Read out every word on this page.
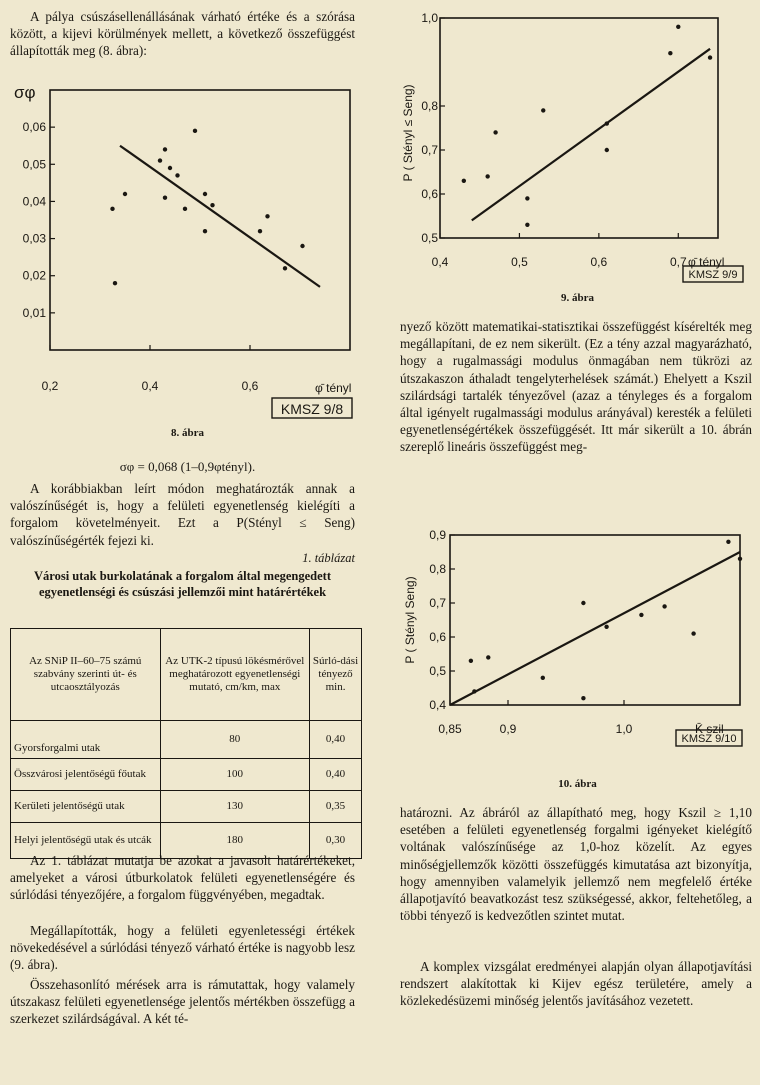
A pálya csúszásellenállásának várható értéke és a szórása között, a kijevi körülmények mellett, a következő összefüggést állapították meg (8. ábra):

0,2	0,4	0,6
0,01
0,02
0,03
0,04
0,05
0,06
σφ
φ̄ tényl
KMSZ 9/8

8. ábra

σφ = 0,068 (1–0,9φtényl).

A korábbiakban leírt módon meghatározták annak a valószínűségét is, hogy a felületi egyenetlenség kielégíti a forgalom követelményeit. Ezt a P(Stényl ≤ Seng) valószínűségérték fejezi ki.

1. táblázat

Városi utak burkolatának a forgalom által megengedett egyenetlenségi és csúszási jellemzői mint határértékek

Az SNiP II–60–75 számú szabvány szerinti út- és utcaosztályozás	Az UTK-2 típusú lökésmérővel meghatározott egyenetlenségi mutató, cm/km, max	Súrló-dási tényező min.
Gyorsforgalmi utak	80	0,40
Összvárosi jelentőségű főutak	100	0,40
Kerületi jelentőségű utak	130	0,35
Helyi jelentőségű utak és utcák	180	0,30

Az 1. táblázat mutatja be azokat a javasolt határértékeket, amelyeket a városi útburkolatok felületi egyenetlenségére és súrlódási tényezőjére, a forgalom függvényében, megadtak.

Megállapították, hogy a felületi egyenletességi értékek növekedésével a súrlódási tényező várható értéke is nagyobb lesz (9. ábra).

Összehasonlító mérések arra is rámutattak, hogy valamely útszakasz felületi egyenetlensége jelentős mértékben összefügg a szerkezet szilárdságával. A két té-

0,4	0,5	0,6	0,7
0,5
0,6
0,7
0,8
1,0
P ( Stényl ≤ Seng)
φ̄ tényl
KMSZ 9/9

9. ábra

nyező között matematikai-statisztikai összefüggést kísérelték meg megállapítani, de ez nem sikerült. (Ez a tény azzal magyarázható, hogy a rugalmassági modulus önmagában nem tükrözi az útszakaszon áthaladt tengelyterhelések számát.) Ehelyett a Kszil szilárdsági tartalék tényezővel (azaz a tényleges és a forgalom által igényelt rugalmassági modulus arányával) keresték a felületi egyenetlenségértékek összefüggését. Itt már sikerült a 10. ábrán szereplő lineáris összefüggést meg-

0,85	0,9	1,0
0,4
0,5
0,6
0,7
0,8
0,9
P ( Stényl Seng)
K̄ szil
KMSZ 9/10

10. ábra

határozni. Az ábráról az állapítható meg, hogy Kszil ≥ 1,10 esetében a felületi egyenetlenség forgalmi igényeket kielégítő voltának valószínűsége az 1,0-hoz közelít. Az egyes minőségjellemzők közötti összefüggés kimutatása azt bizonyítja, hogy amennyiben valamelyik jellemző nem megfelelő értéke állapotjavító beavatkozást tesz szükségessé, akkor, feltehetőleg, a többi tényező is kedvezőtlen szintet mutat.

A komplex vizsgálat eredményei alapján olyan állapotjavítási rendszert alakítottak ki Kijev egész területére, amely a közlekedésüzemi minőség jelentős javításához vezetett.
